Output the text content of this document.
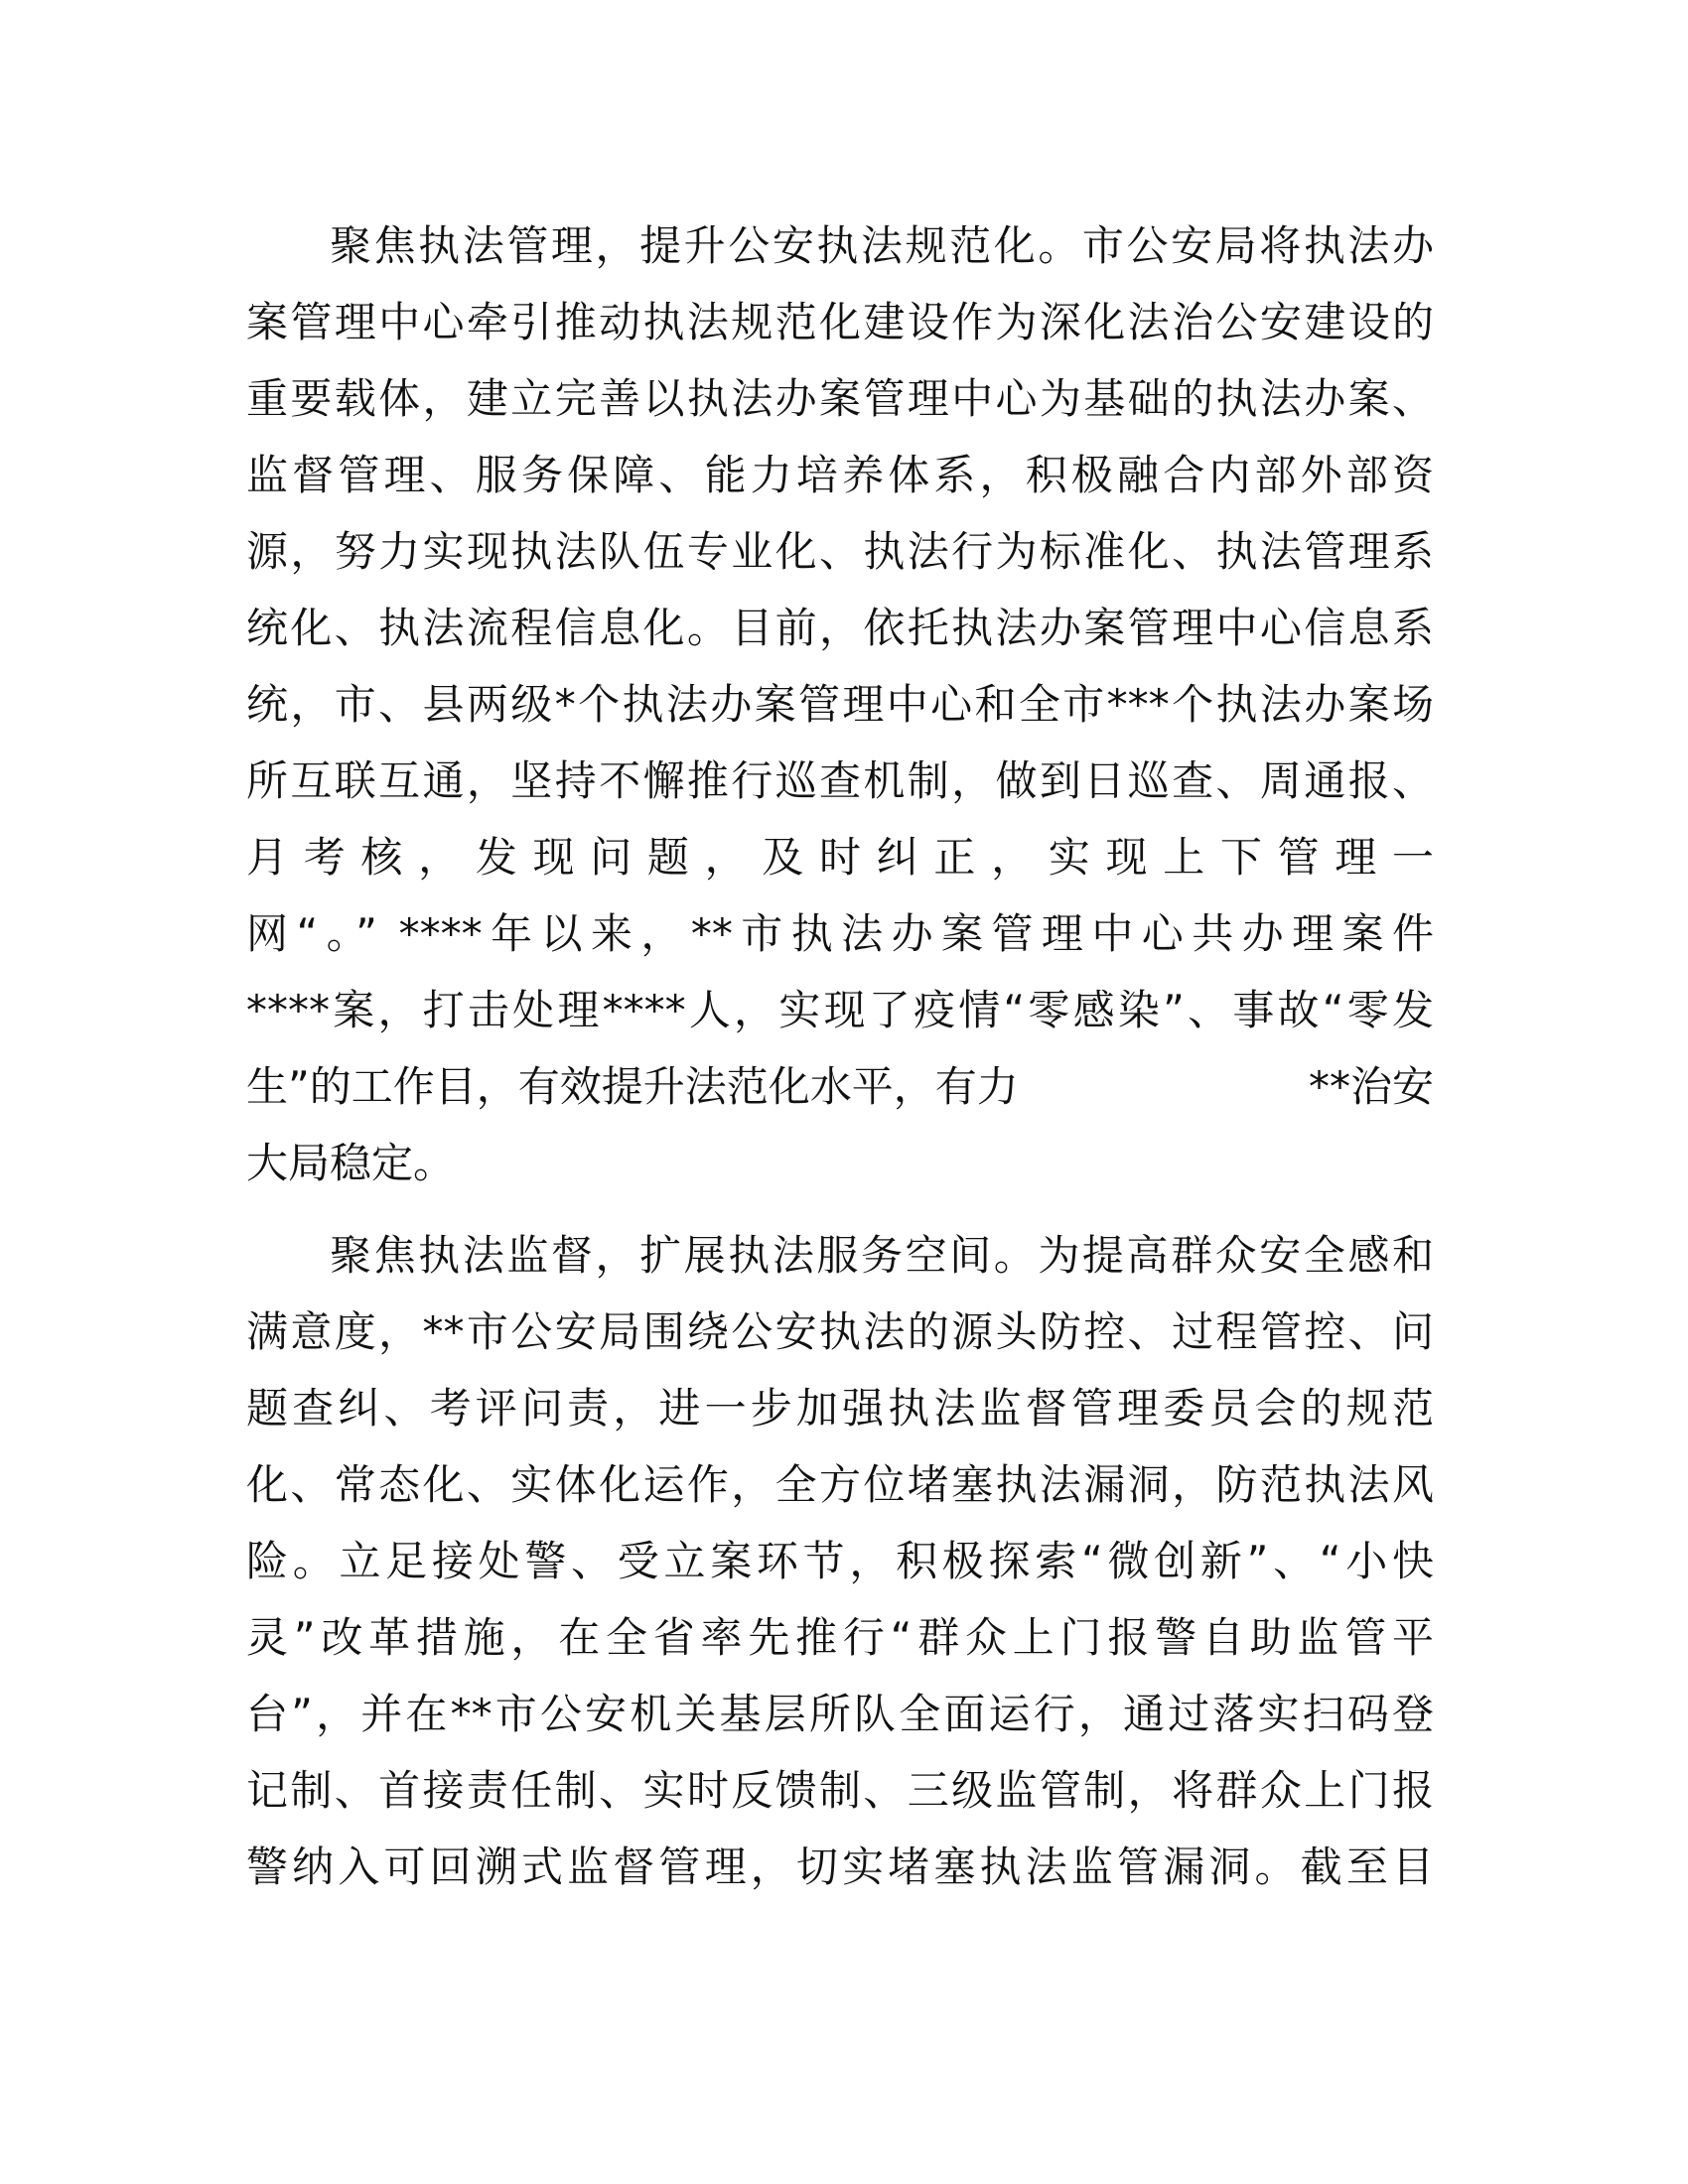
聚焦执法管理，提升公安执法规范化。市公安局将执法办
案管理中心牵引推动执法规范化建设作为深化法治公安建设的
重要载体，建立完善以执法办案管理中心为基础的执法办案、
监督管理、服务保障、能力培养体系，积极融合内部外部资
源，努力实现执法队伍专业化、执法行为标准化、执法管理系
统化、执法流程信息化。目前，依托执法办案管理中心信息系
统，市、县两级*个执法办案管理中心和全市***个执法办案场
所互联互通，坚持不懈推行巡查机制，做到日巡查、周通报、
月考核，发现问题，及时纠正，实现上下管理一
网“。” ****年以来，**市执法办案管理中心共办理案件
****案，打击处理****人，实现了疫情“零感染”、事故“零发
生”的工作目，有效提升法范化水平，有力	**治安
大局稳定。
聚焦执法监督，扩展执法服务空间。为提高群众安全感和
满意度，**市公安局围绕公安执法的源头防控、过程管控、问
题查纠、考评问责，进一步加强执法监督管理委员会的规范
化、常态化、实体化运作，全方位堵塞执法漏洞，防范执法风
险。立足接处警、受立案环节，积极探索“微创新”、“小快
灵”改革措施，在全省率先推行“群众上门报警自助监管平
台”，并在**市公安机关基层所队全面运行，通过落实扫码登
记制、首接责任制、实时反馈制、三级监管制，将群众上门报
警纳入可回溯式监督管理，切实堵塞执法监管漏洞。截至目
